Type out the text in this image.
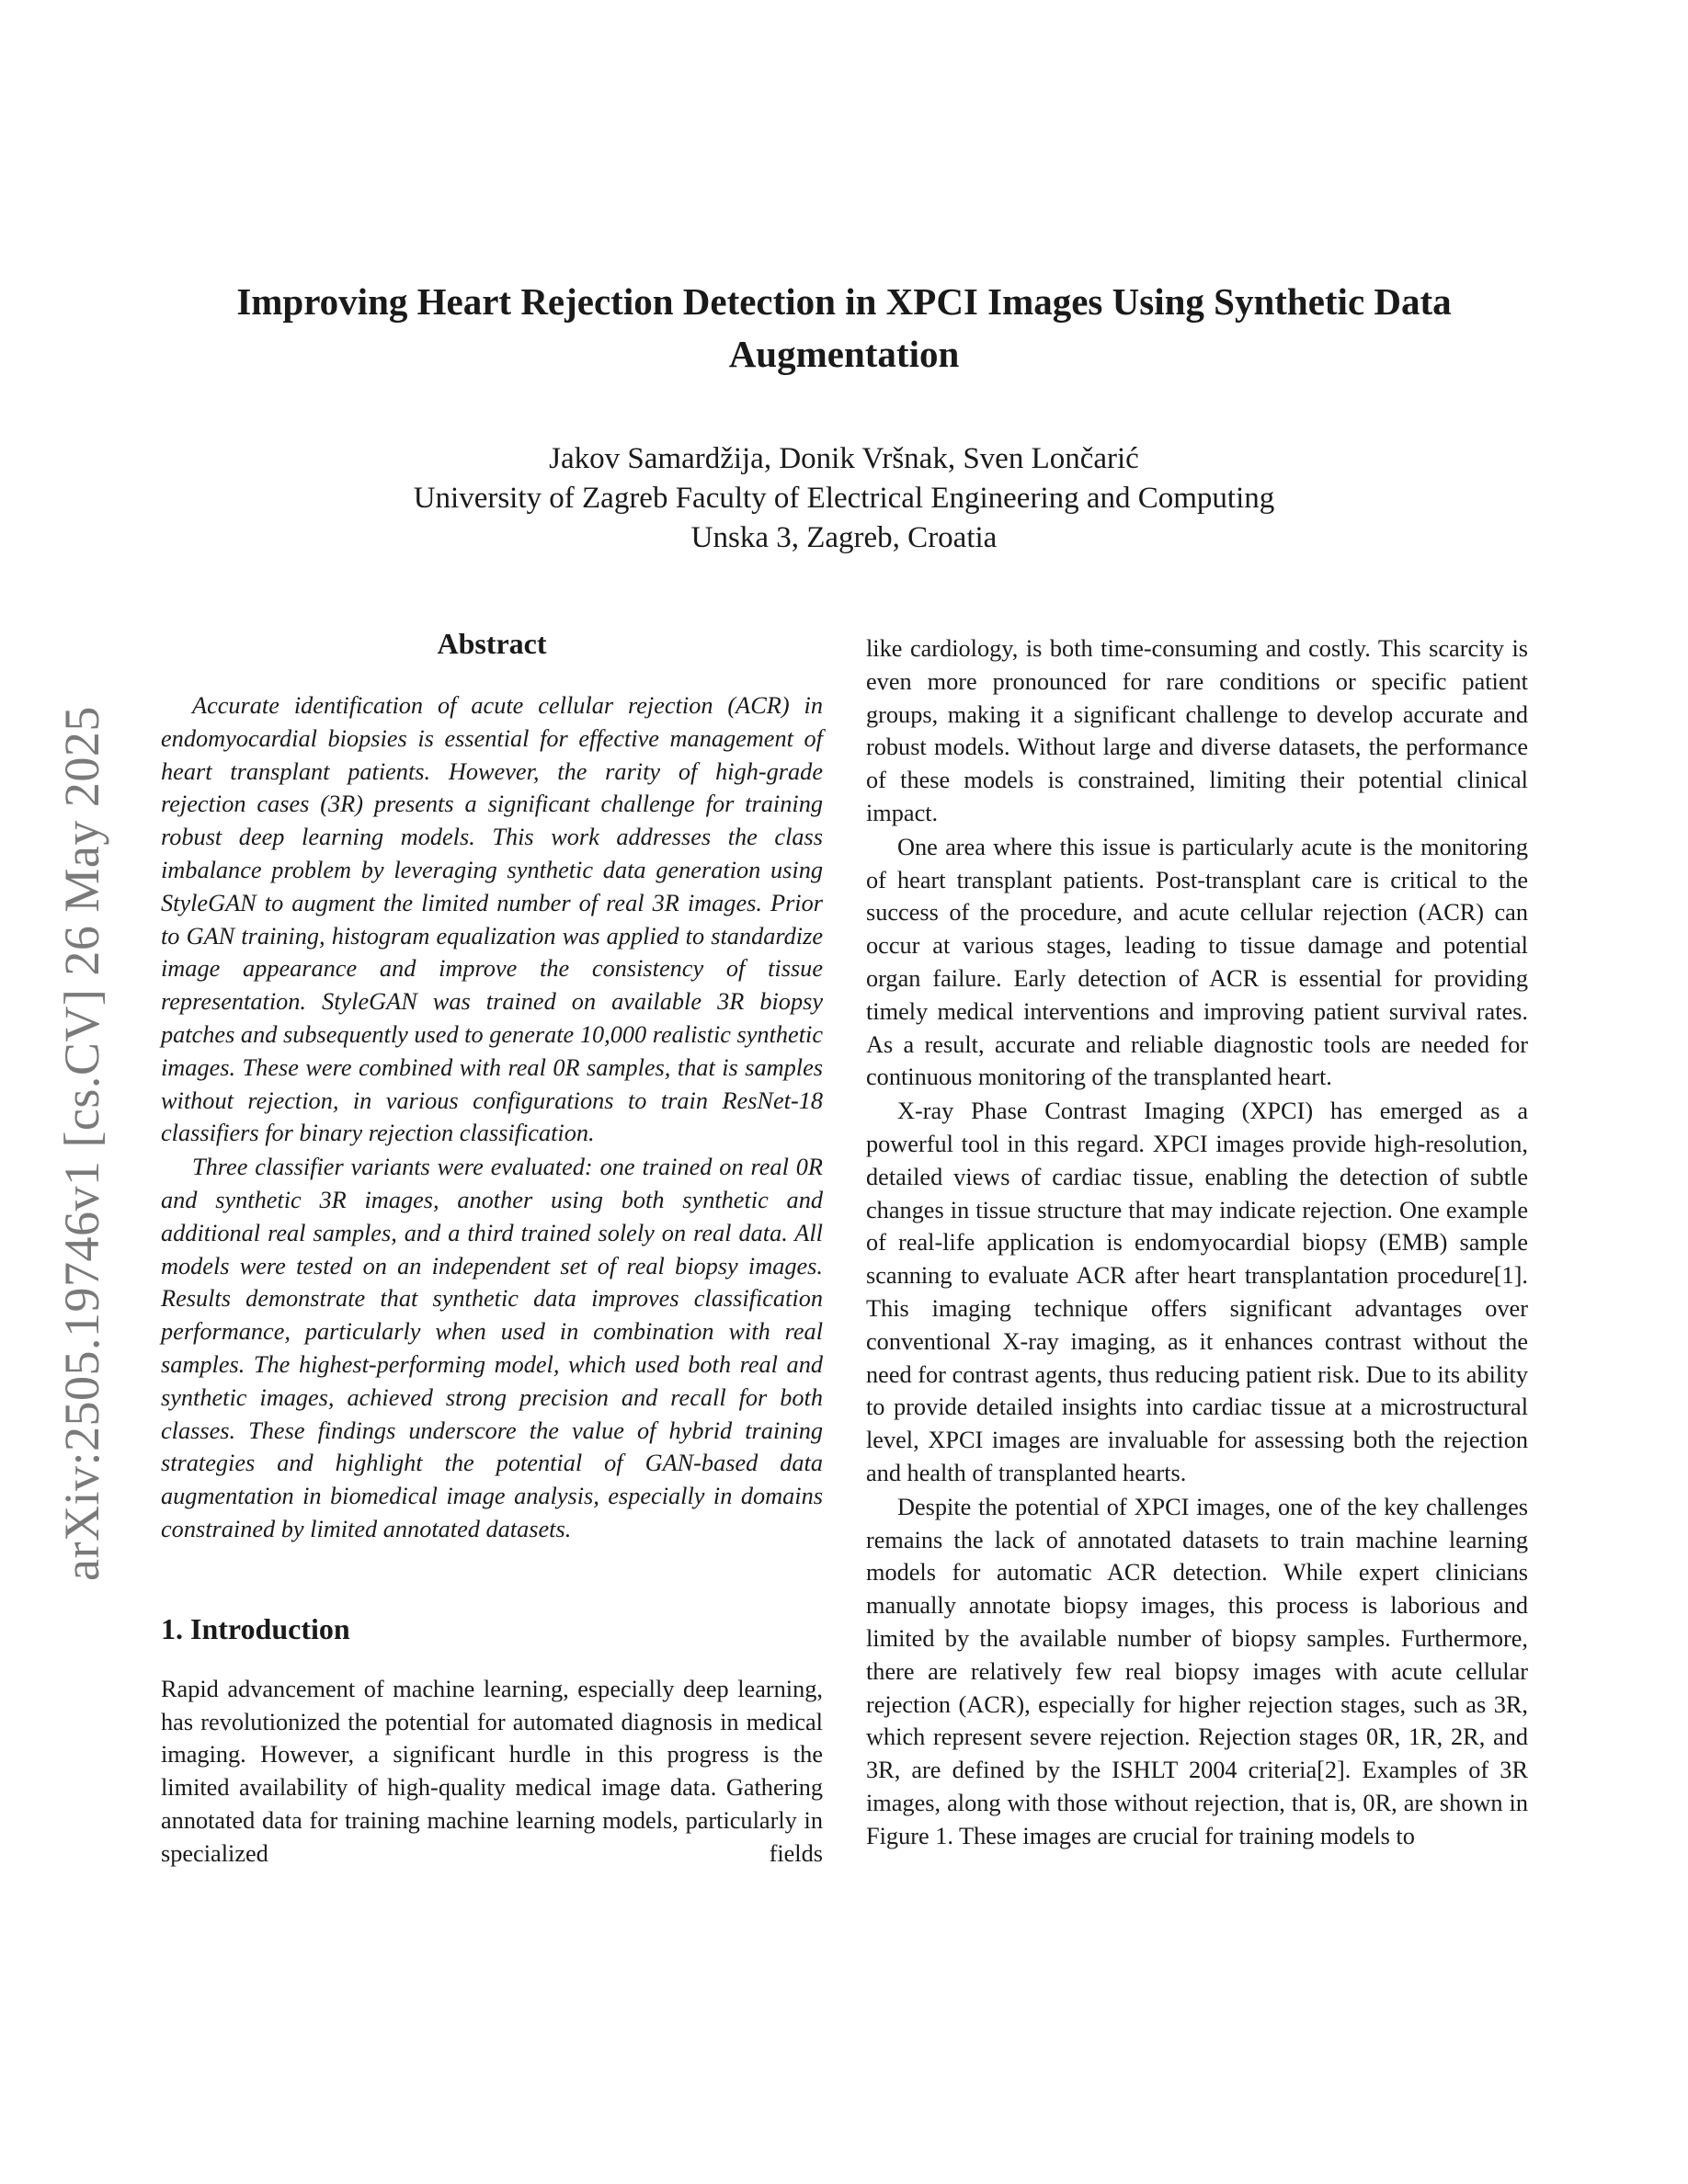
arXiv:2505.19746v1 [cs.CV] 26 May 2025
Improving Heart Rejection Detection in XPCI Images Using Synthetic Data Augmentation
Jakov Samardžija, Donik Vršnak, Sven Lončarić
University of Zagreb Faculty of Electrical Engineering and Computing
Unska 3, Zagreb, Croatia
Abstract

Accurate identification of acute cellular rejection (ACR) in endomyocardial biopsies is essential for effective management of heart transplant patients. However, the rarity of high-grade rejection cases (3R) presents a significant challenge for training robust deep learning models. This work addresses the class imbalance problem by leveraging synthetic data generation using StyleGAN to augment the limited number of real 3R images. Prior to GAN training, histogram equalization was applied to standardize image appearance and improve the consistency of tissue representation. StyleGAN was trained on available 3R biopsy patches and subsequently used to generate 10,000 realistic synthetic images. These were combined with real 0R samples, that is samples without rejection, in various configurations to train ResNet-18 classifiers for binary rejection classification.

Three classifier variants were evaluated: one trained on real 0R and synthetic 3R images, another using both synthetic and additional real samples, and a third trained solely on real data. All models were tested on an independent set of real biopsy images. Results demonstrate that synthetic data improves classification performance, particularly when used in combination with real samples. The highest-performing model, which used both real and synthetic images, achieved strong precision and recall for both classes. These findings underscore the value of hybrid training strategies and highlight the potential of GAN-based data augmentation in biomedical image analysis, especially in domains constrained by limited annotated datasets.

1. Introduction

Rapid advancement of machine learning, especially deep learning, has revolutionized the potential for automated diagnosis in medical imaging. However, a significant hurdle in this progress is the limited availability of high-quality medical image data. Gathering annotated data for training machine learning models, particularly in specialized fields

like cardiology, is both time-consuming and costly. This scarcity is even more pronounced for rare conditions or specific patient groups, making it a significant challenge to develop accurate and robust models. Without large and diverse datasets, the performance of these models is constrained, limiting their potential clinical impact.

One area where this issue is particularly acute is the monitoring of heart transplant patients. Post-transplant care is critical to the success of the procedure, and acute cellular rejection (ACR) can occur at various stages, leading to tissue damage and potential organ failure. Early detection of ACR is essential for providing timely medical interventions and improving patient survival rates. As a result, accurate and reliable diagnostic tools are needed for continuous monitoring of the transplanted heart.

X-ray Phase Contrast Imaging (XPCI) has emerged as a powerful tool in this regard. XPCI images provide high-resolution, detailed views of cardiac tissue, enabling the detection of subtle changes in tissue structure that may indicate rejection. One example of real-life application is endomyocardial biopsy (EMB) sample scanning to evaluate ACR after heart transplantation procedure[1]. This imaging technique offers significant advantages over conventional X-ray imaging, as it enhances contrast without the need for contrast agents, thus reducing patient risk. Due to its ability to provide detailed insights into cardiac tissue at a microstructural level, XPCI images are invaluable for assessing both the rejection and health of transplanted hearts.

Despite the potential of XPCI images, one of the key challenges remains the lack of annotated datasets to train machine learning models for automatic ACR detection. While expert clinicians manually annotate biopsy images, this process is laborious and limited by the available number of biopsy samples. Furthermore, there are relatively few real biopsy images with acute cellular rejection (ACR), especially for higher rejection stages, such as 3R, which represent severe rejection. Rejection stages 0R, 1R, 2R, and 3R, are defined by the ISHLT 2004 criteria[2]. Examples of 3R images, along with those without rejection, that is, 0R, are shown in Figure 1. These images are crucial for training models to
